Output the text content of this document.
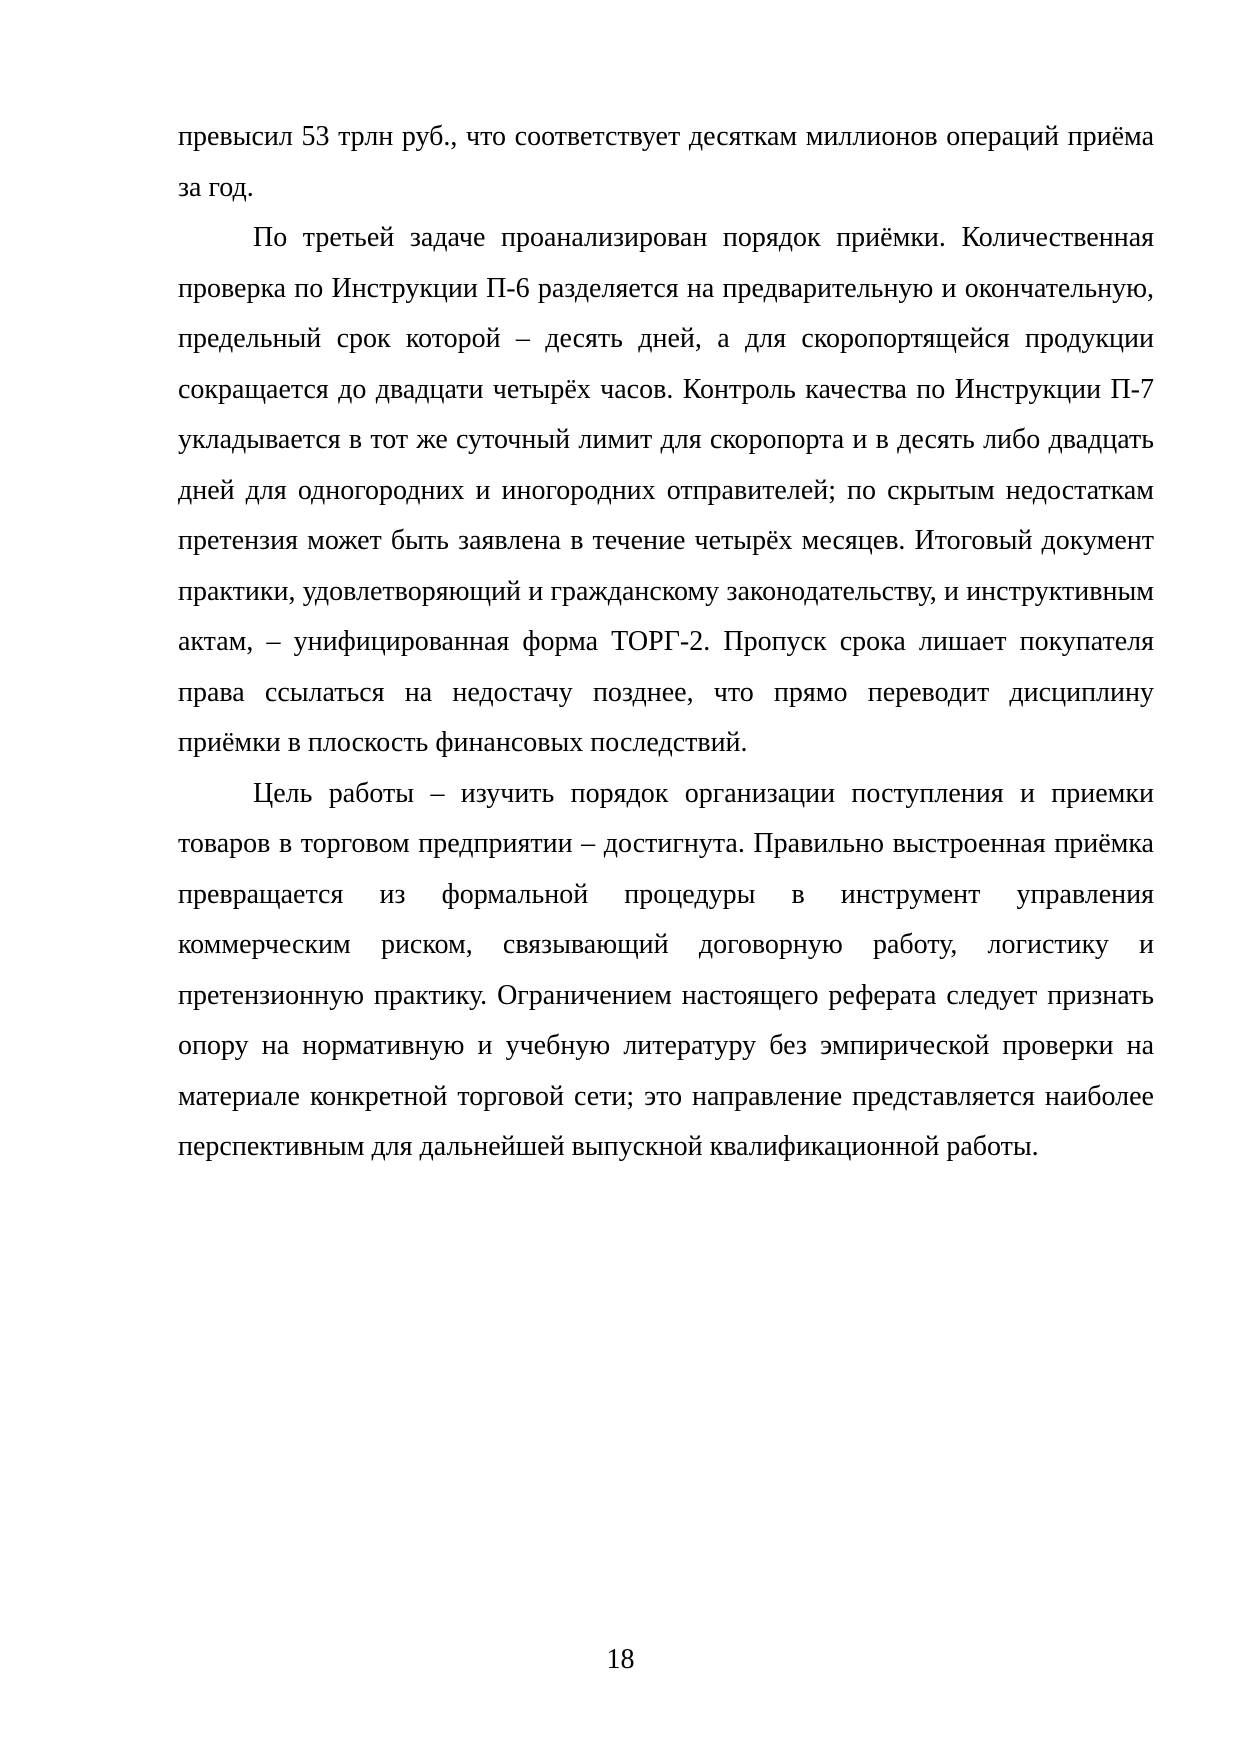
превысил 53 трлн руб., что соответствует десяткам миллионов операций приёма за год.

По третьей задаче проанализирован порядок приёмки. Количественная проверка по Инструкции П-6 разделяется на предварительную и окончательную, предельный срок которой – десять дней, а для скоропортящейся продукции сокращается до двадцати четырёх часов. Контроль качества по Инструкции П-7 укладывается в тот же суточный лимит для скоропорта и в десять либо двадцать дней для одногородних и иногородних отправителей; по скрытым недостаткам претензия может быть заявлена в течение четырёх месяцев. Итоговый документ практики, удовлетворяющий и гражданскому законодательству, и инструктивным актам, – унифицированная форма ТОРГ-2. Пропуск срока лишает покупателя права ссылаться на недостачу позднее, что прямо переводит дисциплину приёмки в плоскость финансовых последствий.

Цель работы – изучить порядок организации поступления и приемки товаров в торговом предприятии – достигнута. Правильно выстроенная приёмка превращается из формальной процедуры в инструмент управления коммерческим риском, связывающий договорную работу, логистику и претензионную практику. Ограничением настоящего реферата следует признать опору на нормативную и учебную литературу без эмпирической проверки на материале конкретной торговой сети; это направление представляется наиболее перспективным для дальнейшей выпускной квалификационной работы.

18
